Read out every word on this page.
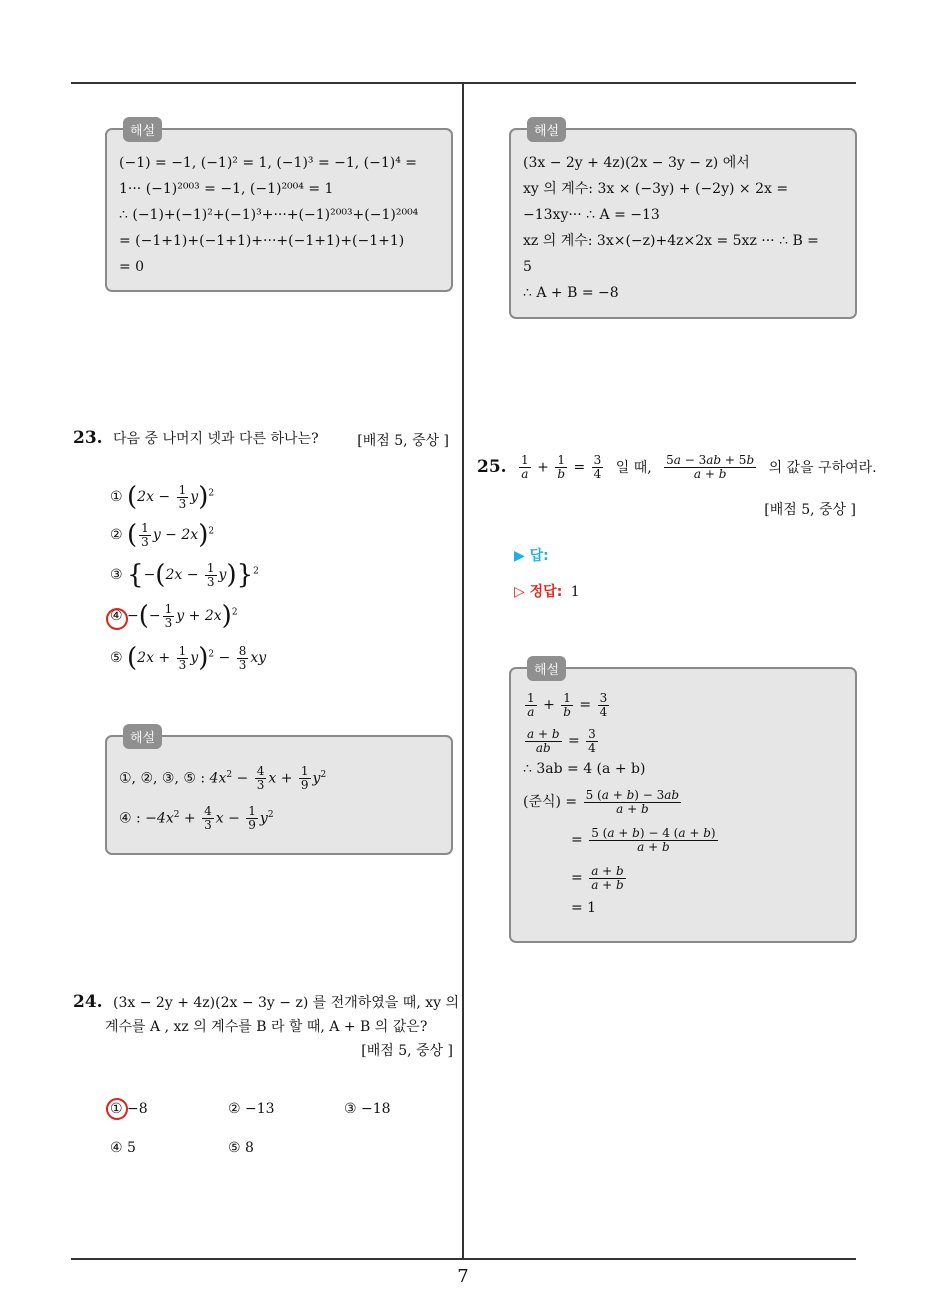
해설
(−1) = −1, (−1)² = 1, (−1)³ = −1, (−1)⁴ =
1··· (−1)²⁰⁰³ = −1, (−1)²⁰⁰⁴ = 1
∴ (−1)+(−1)²+(−1)³+···+(−1)²⁰⁰³+(−1)²⁰⁰⁴
= (−1+1)+(−1+1)+···+(−1+1)+(−1+1)
= 0
해설
(3x − 2y + 4z)(2x − 3y − z) 에서
xy 의 계수: 3x × (−3y) + (−2y) × 2x =
−13xy··· ∴ A = −13
xz 의 계수: 3x×(−z)+4z×2x = 5xz ··· ∴ B =
5
∴ A + B = −8
23. 다음 중 나머지 넷과 다른 하나는?	[배점 5, 중상 ]
① $(2x - \frac{1}{3} y)^2$
② ( $\frac{1}{3}$ y − 2x)$^2$
③ $\{-(2x - \frac{1}{3} y)\}^2$
④ −(− $\frac{1}{3}$ y + 2x)$^2$
⑤ $(2x + \frac{1}{3} y)^2 - \frac{8}{3}$ xy
해설
①, ②, ③, ⑤ : $4x^2 - \frac{4}{3}$ $x + \frac{1}{9} y^2$
④ : $-4x^2 + \frac{4}{3}$ $x - \frac{1}{9} y^2$
24. (3x − 2y + 4z)(2x − 3y − z) 를 전개하였을 때, xy 의
계수를 A , xz 의 계수를 B 라 할 때, A + B 의 값은?
[배점 5, 중상 ]
① −8	② −13	③ −18
④ 5	⑤ 8
25. $\frac{1}{a} + \frac{1}{b} = \frac{3}{4}$ 일 때, $\frac{5a - 3ab + 5b}{a + b}$ 의 값을 구하여라.
[배점 5, 중상 ]
▶ 답:
▷ 정답: 1
해설
$\frac{1}{a} + \frac{1}{b} = \frac{3}{4}$
$\frac{a + b}{ab} = \frac{3}{4}$
∴ 3ab = 4 (a + b)
(준식) = $\frac{5 (a + b) - 3ab}{a + b}$
= $\frac{5 (a + b) - 4 (a + b)}{a + b}$
= $\frac{a + b}{a + b}$
= 1
7
